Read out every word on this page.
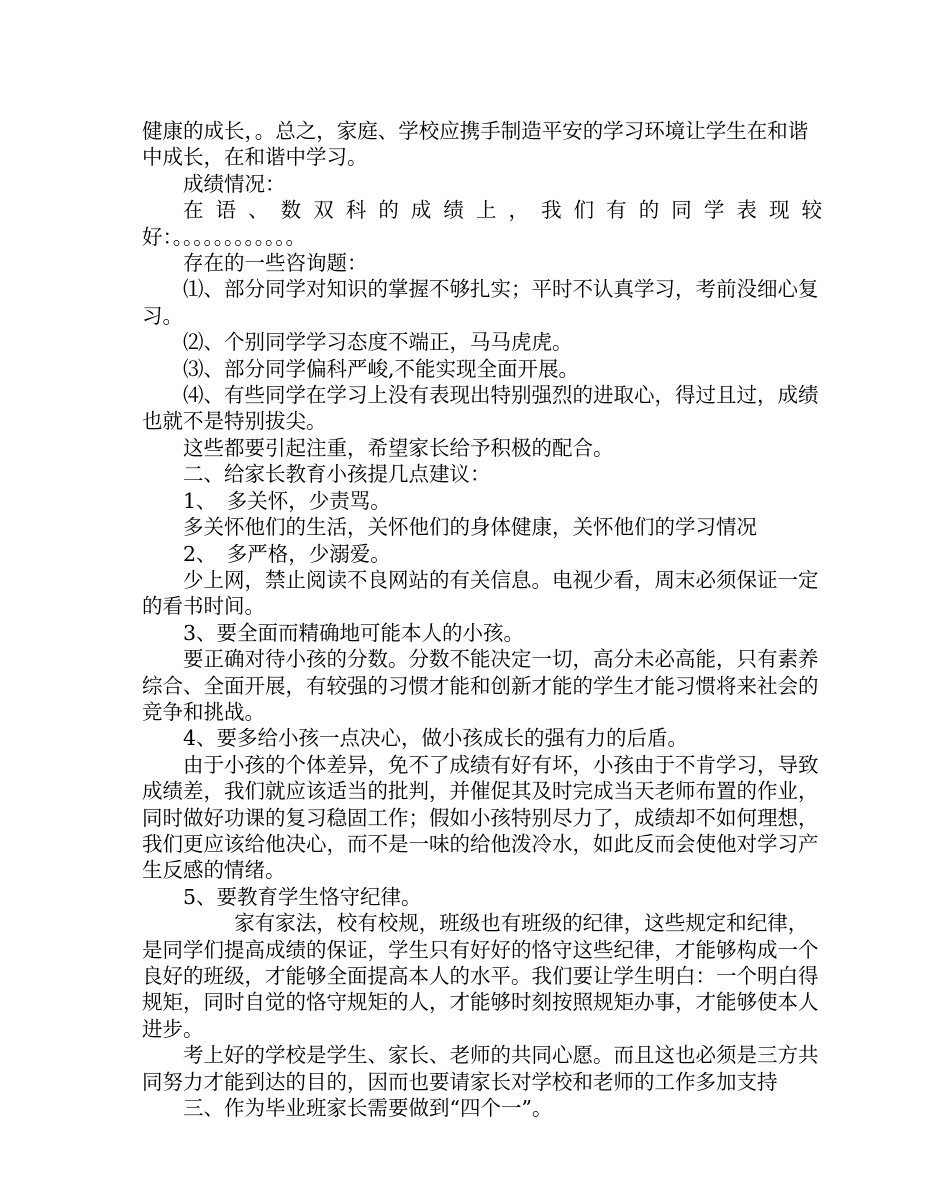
健康的成长，。总之，家庭、学校应携手制造平安的学习环境让学生在和谐中成长，在和谐中学习。

成绩情况：

在语、数双科的成绩上，我们有的同学表现较

好：。。。。。。。。。。。。

存在的一些咨询题：

⑴、部分同学对知识的掌握不够扎实；平时不认真学习，考前没细心复习。

⑵、个别同学学习态度不端正，马马虎虎。

⑶、部分同学偏科严峻,不能实现全面开展。

⑷、有些同学在学习上没有表现出特别强烈的进取心，得过且过，成绩也就不是特别拔尖。

这些都要引起注重，希望家长给予积极的配合。

二、给家长教育小孩提几点建议：

1、　多关怀，少责骂。

多关怀他们的生活，关怀他们的身体健康，关怀他们的学习情况

2、　多严格，少溺爱。

少上网，禁止阅读不良网站的有关信息。电视少看，周末必须保证一定的看书时间。

3、要全面而精确地可能本人的小孩。

要正确对待小孩的分数。分数不能决定一切，高分未必高能，只有素养综合、全面开展，有较强的习惯才能和创新才能的学生才能习惯将来社会的竞争和挑战。

4、要多给小孩一点决心，做小孩成长的强有力的后盾。

由于小孩的个体差异，免不了成绩有好有坏，小孩由于不肯学习，导致成绩差，我们就应该适当的批判，并催促其及时完成当天老师布置的作业，同时做好功课的复习稳固工作；假如小孩特别尽力了，成绩却不如何理想，我们更应该给他决心，而不是一味的给他泼冷水，如此反而会使他对学习产生反感的情绪。

5、要教育学生恪守纪律。

家有家法，校有校规，班级也有班级的纪律，这些规定和纪律，是同学们提高成绩的保证，学生只有好好的恪守这些纪律，才能够构成一个良好的班级，才能够全面提高本人的水平。我们要让学生明白：一个明白得规矩，同时自觉的恪守规矩的人，才能够时刻按照规矩办事，才能够使本人进步。

考上好的学校是学生、家长、老师的共同心愿。而且这也必须是三方共同努力才能到达的目的，因而也要请家长对学校和老师的工作多加支持

三、作为毕业班家长需要做到“四个一”。
